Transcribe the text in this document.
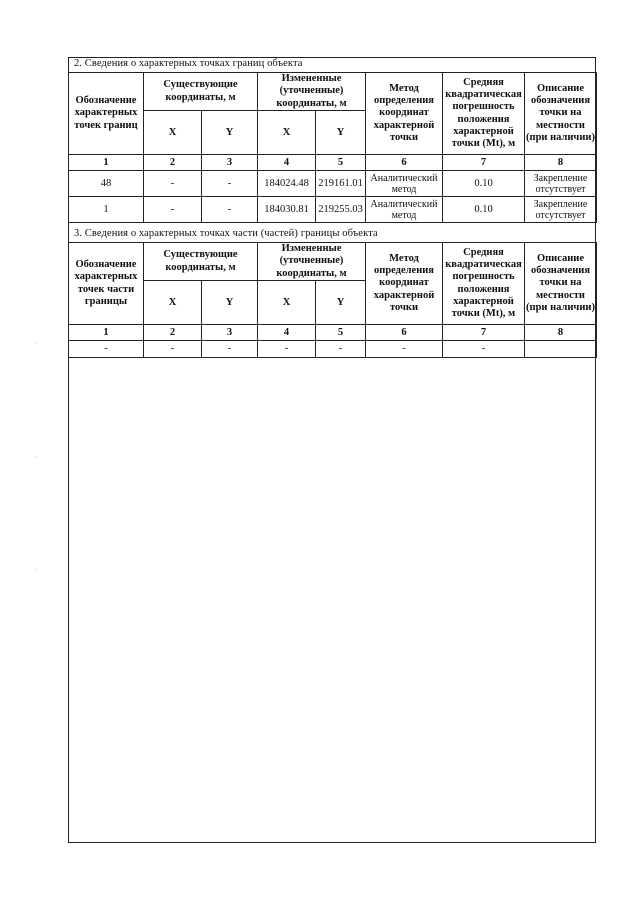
2. Сведения о характерных точках границ объекта
Обозначение характерных точек границ	Существующие координаты, м		Измененные (уточненные) координаты, м		Метод определения координат характерной точки	Средняя квадратическая погрешность положения характерной точки (Mt), м	Описание обозначения точки на местности (при наличии)
	X	Y	X	Y			
1	2	3	4	5	6	7	8
48	-	-	184024.48	219161.01	Аналитический метод	0.10	Закрепление отсутствует
1	-	-	184030.81	219255.03	Аналитический метод	0.10	Закрепление отсутствует
3. Сведения о характерных точках части (частей) границы объекта
Обозначение характерных точек части границы	Существующие координаты, м		Измененные (уточненные) координаты, м		Метод определения координат характерной точки	Средняя квадратическая погрешность положения характерной точки (Mt), м	Описание обозначения точки на местности (при наличии)
	X	Y	X	Y			
1	2	3	4	5	6	7	8
-	-	-	-	-	-	-	
·
·
·
